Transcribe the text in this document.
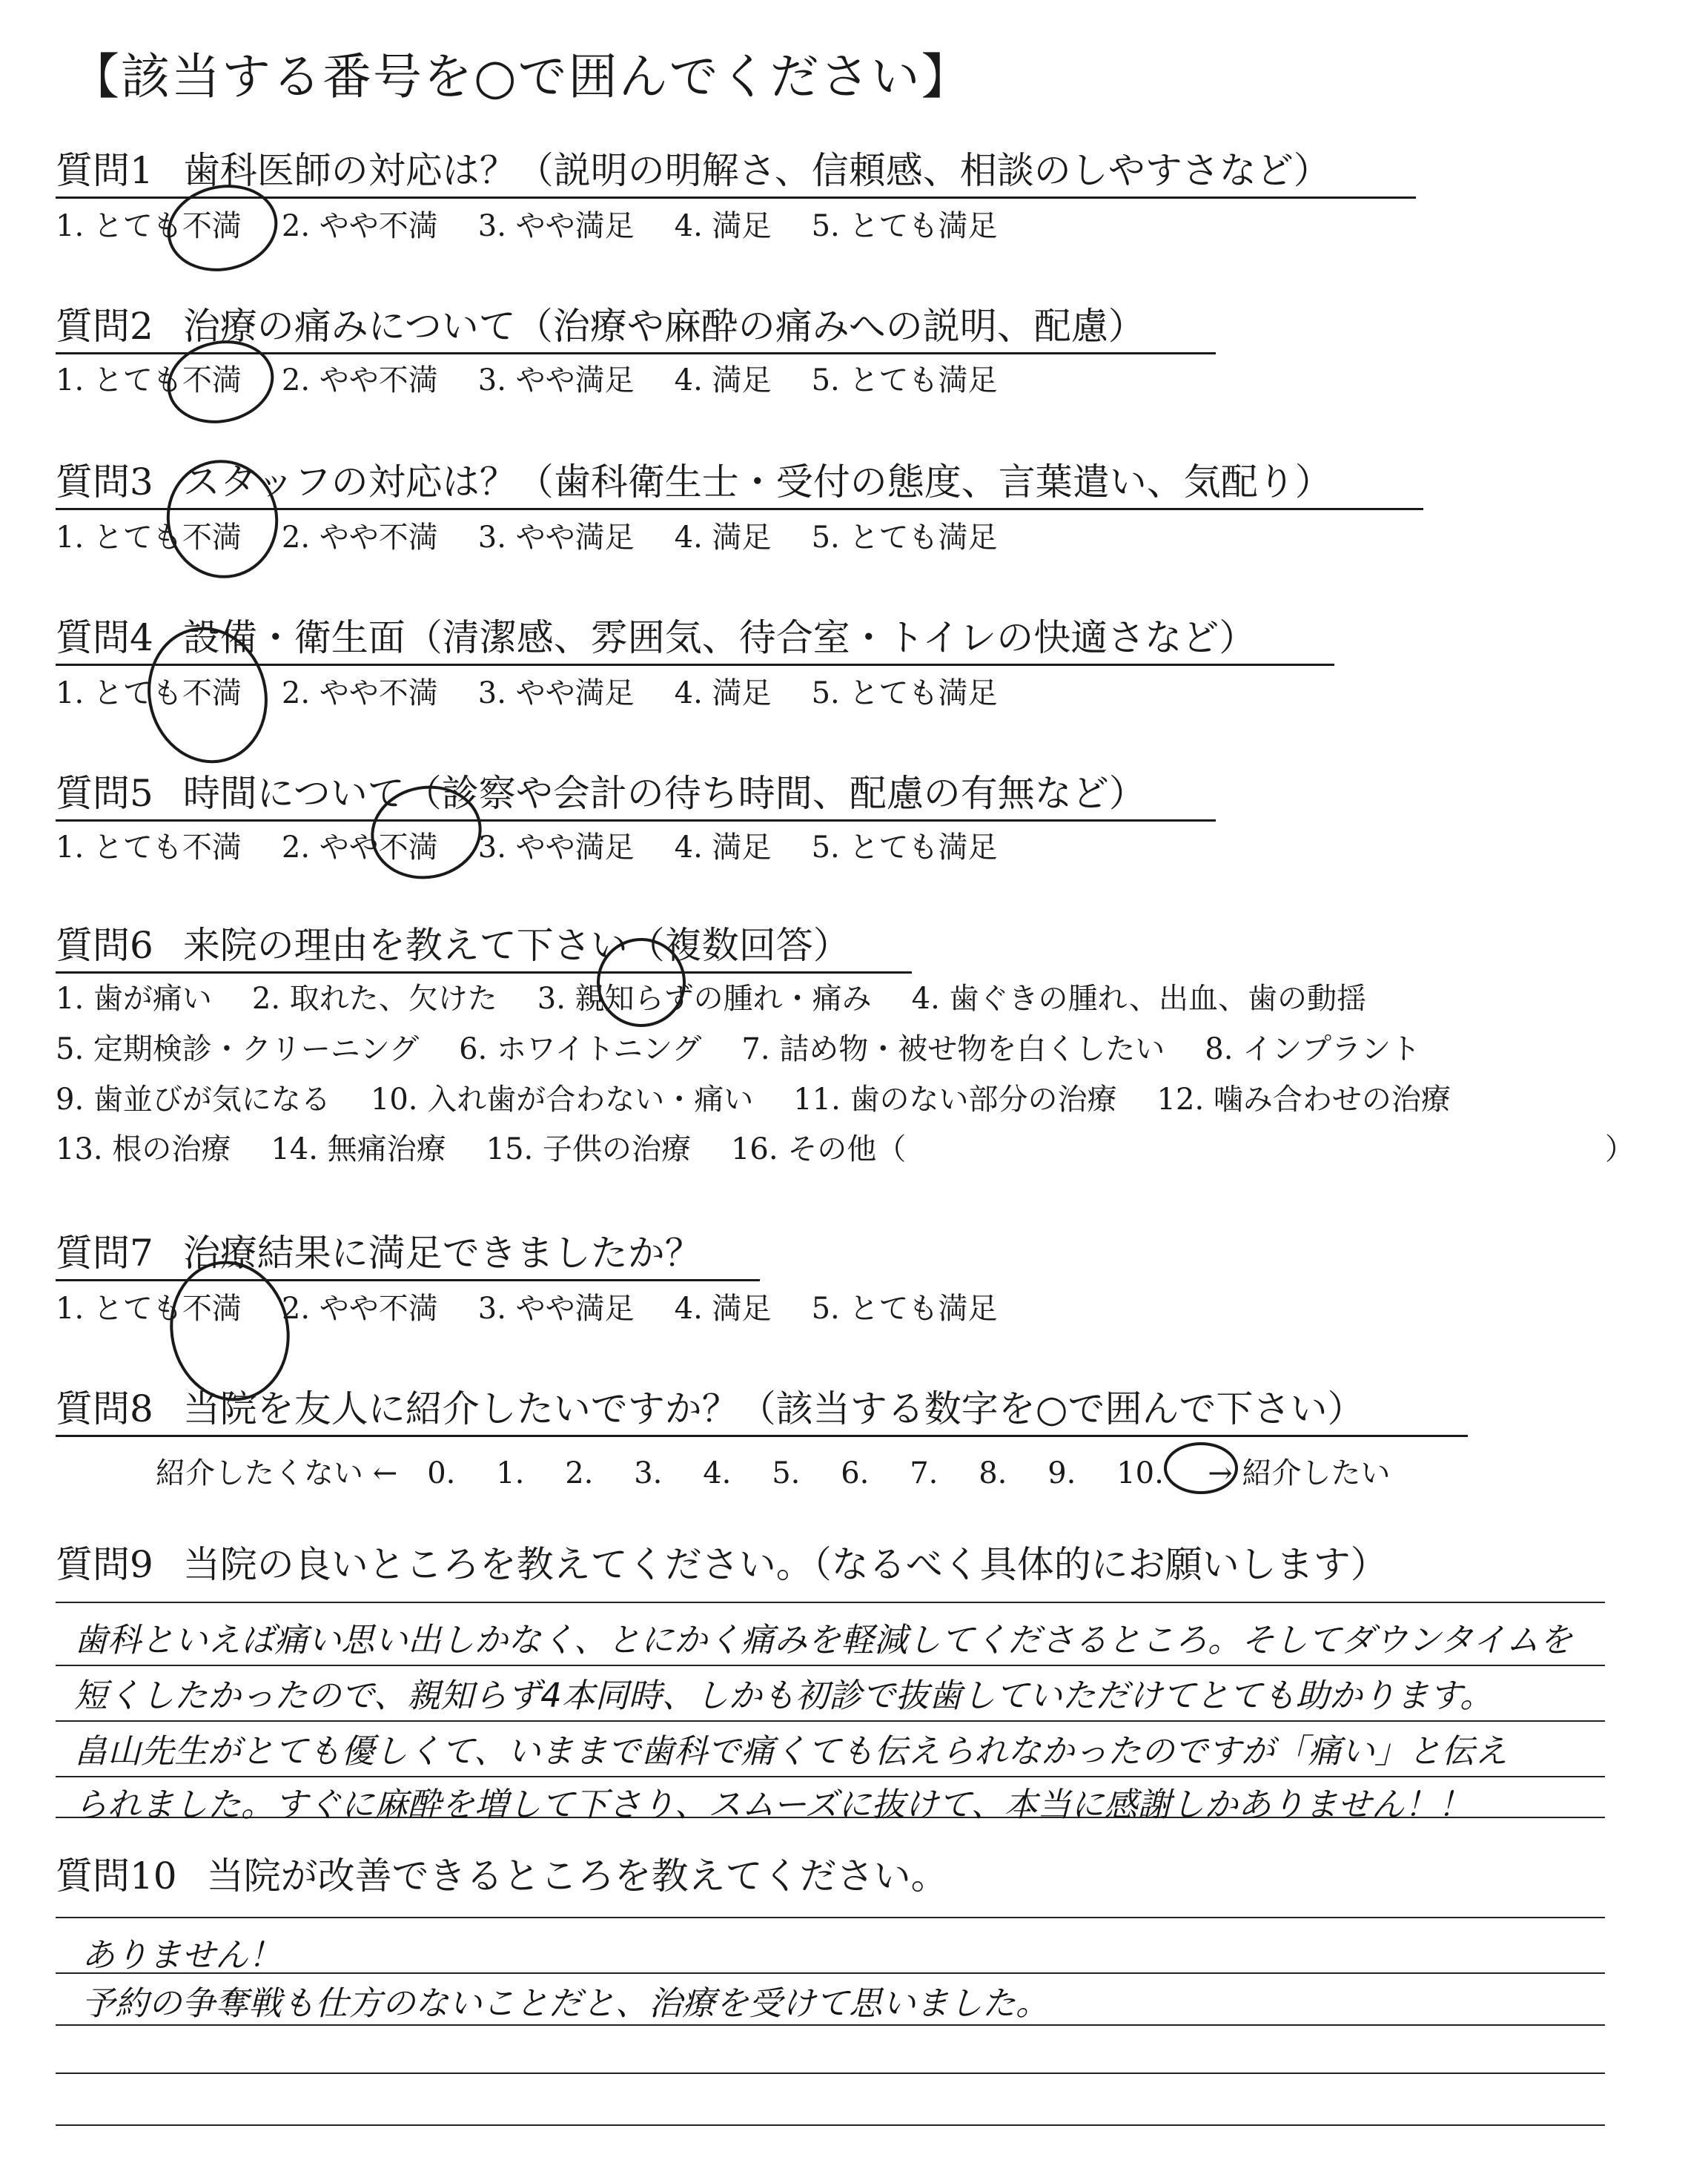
【該当する番号を○で囲んでください】
質問1 歯科医師の対応は？（説明の明解さ、信頼感、相談のしやすさなど）
1. とても不満 2. やや不満 3. やや満足 4. 満足 5. とても満足
質問2 治療の痛みについて（治療や麻酔の痛みへの説明、配慮）
1. とても不満 2. やや不満 3. やや満足 4. 満足 5. とても満足
質問3 スタッフの対応は？（歯科衛生士・受付の態度、言葉遣い、気配り）
1. とても不満 2. やや不満 3. やや満足 4. 満足 5. とても満足
質問4 設備・衛生面（清潔感、雰囲気、待合室・トイレの快適さなど）
1. とても不満 2. やや不満 3. やや満足 4. 満足 5. とても満足
質問5 時間について（診察や会計の待ち時間、配慮の有無など）
1. とても不満 2. やや不満 3. やや満足 4. 満足 5. とても満足
質問6 来院の理由を教えて下さい（複数回答）
1. 歯が痛い 2. 取れた、欠けた 3. 親知らずの腫れ・痛み 4. 歯ぐきの腫れ、出血、歯の動揺
5. 定期検診・クリーニング 6. ホワイトニング 7. 詰め物・被せ物を白くしたい 8. インプラント
9. 歯並びが気になる 10. 入れ歯が合わない・痛い 11. 歯のない部分の治療 12. 噛み合わせの治療
13. 根の治療 14. 無痛治療 15. 子供の治療 16. その他（	）
質問7 治療結果に満足できましたか？
1. とても不満 2. やや不満 3. やや満足 4. 満足 5. とても満足
質問8 当院を友人に紹介したいですか？（該当する数字を○で囲んで下さい）
紹介したくない ← 0. 1. 2. 3. 4. 5. 6. 7. 8. 9. 10. → 紹介したい
質問9 当院の良いところを教えてください。（なるべく具体的にお願いします）
歯科といえば痛い思い出しかなく、とにかく痛みを軽減してくださるところ。そしてダウンタイムを
短くしたかったので、親知らず4本同時、しかも初診で抜歯していただけてとても助かります。
畠山先生がとても優しくて、いままで歯科で痛くても伝えられなかったのですが「痛い」と伝え
られました。すぐに麻酔を増して下さり、スムーズに抜けて、本当に感謝しかありません！！
質問10 当院が改善できるところを教えてください。
ありません！
予約の争奪戦も仕方のないことだと、治療を受けて思いました。
